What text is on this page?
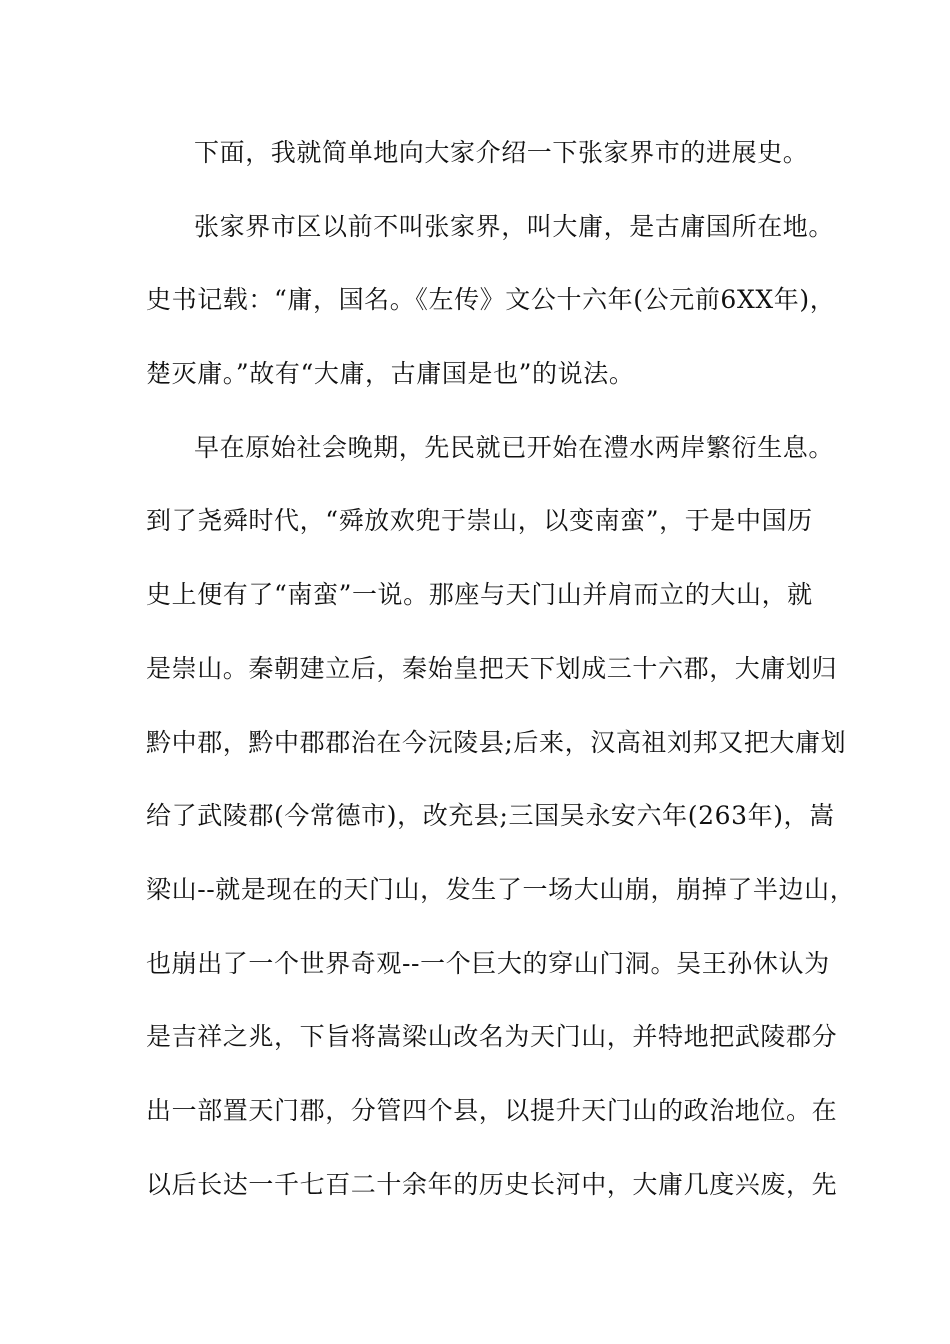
下面，我就简单地向大家介绍一下张家界市的进展史。
张家界市区以前不叫张家界，叫大庸，是古庸国所在地。
史书记载：“庸，国名。《左传》文公十六年(公元前6XX年)，
楚灭庸。”故有“大庸，古庸国是也”的说法。
早在原始社会晚期，先民就已开始在澧水两岸繁衍生息。
到了尧舜时代，“舜放欢兜于崇山，以变南蛮”，于是中国历
史上便有了“南蛮”一说。那座与天门山并肩而立的大山，就
是崇山。秦朝建立后，秦始皇把天下划成三十六郡，大庸划归
黔中郡，黔中郡郡治在今沅陵县;后来，汉高祖刘邦又把大庸划
给了武陵郡(今常德市)，改充县;三国吴永安六年(263年)，嵩
梁山--就是现在的天门山，发生了一场大山崩，崩掉了半边山，
也崩出了一个世界奇观--一个巨大的穿山门洞。吴王孙休认为
是吉祥之兆，下旨将嵩梁山改名为天门山，并特地把武陵郡分
出一部置天门郡，分管四个县，以提升天门山的政治地位。在
以后长达一千七百二十余年的历史长河中，大庸几度兴废，先
